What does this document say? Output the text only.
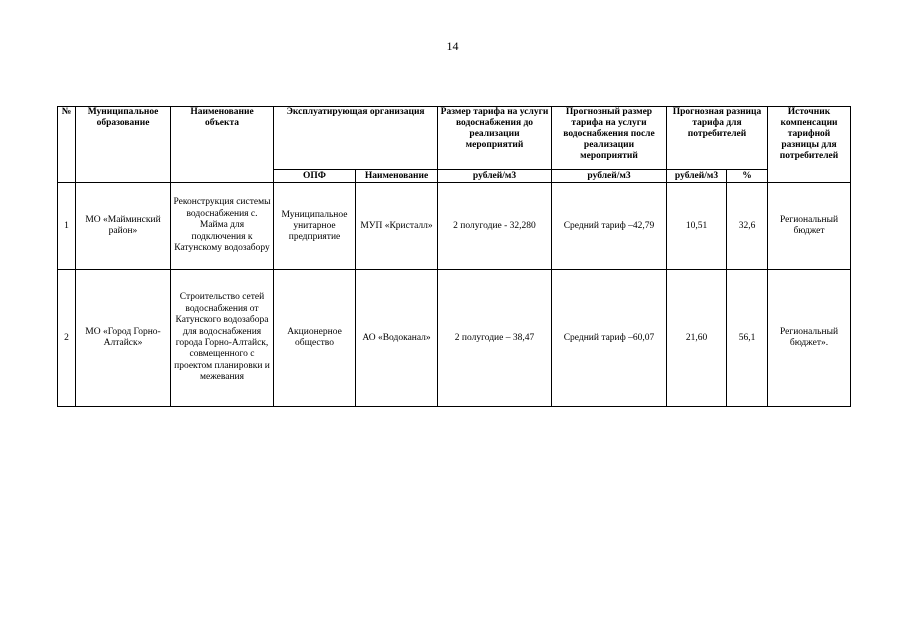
14
№	Муниципальное образование	Наименование объекта	Эксплуатирующая организация		Размер тарифа на услуги водоснабжения до реализации мероприятий	Прогнозный размер тарифа на услуги водоснабжения после реализации мероприятий	Прогнозная разница тарифа для потребителей		Источник компенсации тарифной разницы для потребителей
			ОПФ	Наименование	рублей/м3	рублей/м3	рублей/м3	%	
1	МО «Майминский район»	Реконструкция системы водоснабжения с. Майма для подключения к Катунскому водозабору	Муниципальное унитарное предприятие	МУП «Кристалл»	2 полугодие - 32,280	Средний тариф –42,79	10,51	32,6	Региональный бюджет
2	МО «Город Горно-Алтайск»	Строительство сетей водоснабжения от Катунского водозабора для водоснабжения города Горно-Алтайск, совмещенного с проектом планировки и межевания	Акционерное общество	АО «Водоканал»	2 полугодие – 38,47	Средний тариф –60,07	21,60	56,1	Региональный бюджет».
